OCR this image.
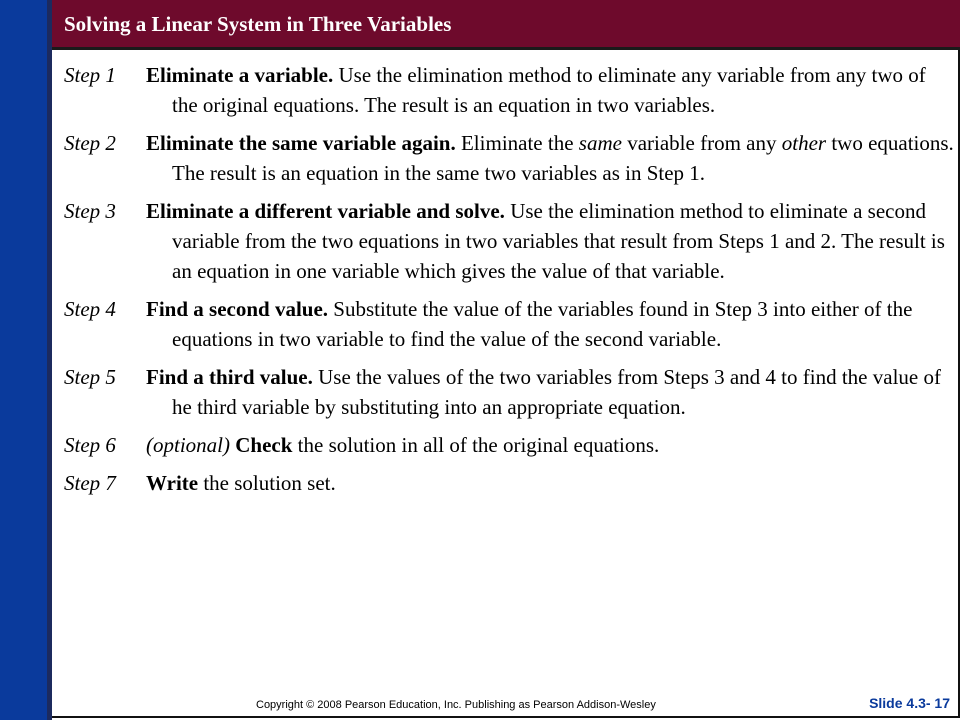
Solving a Linear System in Three Variables

Step 1 Eliminate a variable. Use the elimination method to eliminate any variable from any two of the original equations. The result is an equation in two variables.

Step 2 Eliminate the same variable again. Eliminate the same variable from any other two equations. The result is an equation in the same two variables as in Step 1.

Step 3 Eliminate a different variable and solve. Use the elimination method to eliminate a second variable from the two equations in two variables that result from Steps 1 and 2. The result is an equation in one variable which gives the value of that variable.

Step 4 Find a second value. Substitute the value of the variables found in Step 3 into either of the equations in two variable to find the value of the second variable.

Step 5 Find a third value. Use the values of the two variables from Steps 3 and 4 to find the value of he third variable by substituting into an appropriate equation.

Step 6 (optional) Check the solution in all of the original equations.

Step 7 Write the solution set.

Copyright © 2008 Pearson Education, Inc. Publishing as Pearson Addison-Wesley	Slide 4.3- 17
